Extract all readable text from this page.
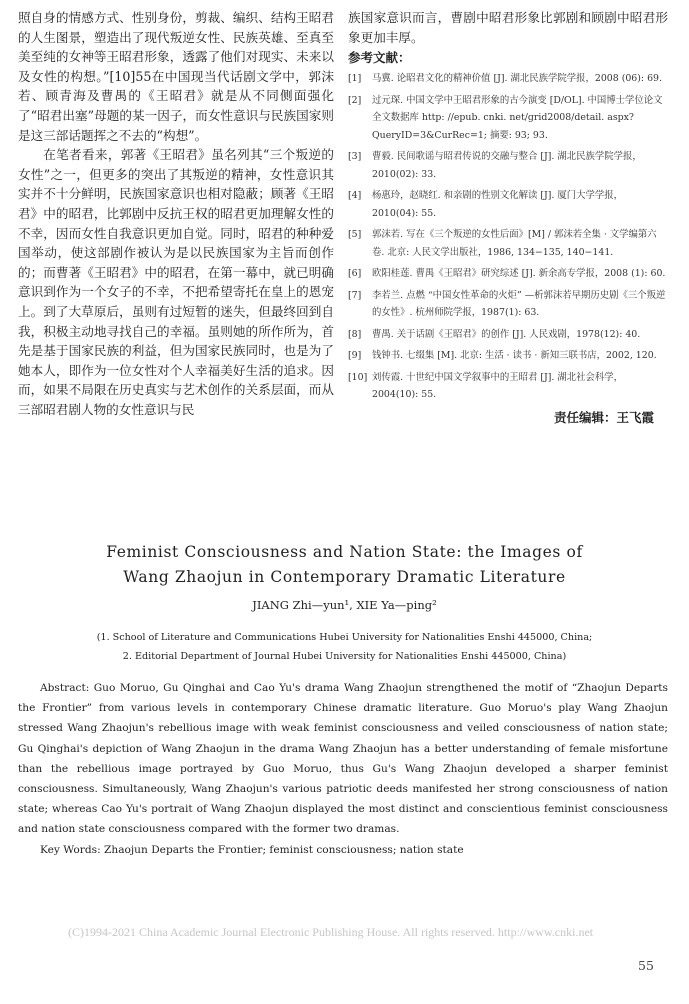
照自身的情感方式、性别身份，剪裁、编织、结构王昭君的人生图景，塑造出了现代叛逆女性、民族英雄、至真至美至纯的女神等王昭君形象，透露了他们对现实、未来以及女性的构想。”[10]55在中国现当代话剧文学中，郭沫若、顾青海及曹禺的《王昭君》就是从不同侧面强化了“昭君出塞”母题的某一因子，而女性意识与民族国家则是这三部话题挥之不去的“构想”。

在笔者看来，郭著《王昭君》虽名列其“三个叛逆的女性”之一，但更多的突出了其叛逆的精神，女性意识其实并不十分鲜明，民族国家意识也相对隐蔽；顾著《王昭君》中的昭君，比郭剧中反抗王权的昭君更加理解女性的不幸，因而女性自我意识更加自觉。同时，昭君的种种爱国举动，使这部剧作被认为是以民族国家为主旨而创作的；而曹著《王昭君》中的昭君，在第一幕中，就已明确意识到作为一个女子的不幸，不把希望寄托在皇上的恩宠上。到了大草原后，虽则有过短暂的迷失，但最终回到自我，积极主动地寻找自己的幸福。虽则她的所作所为，首先是基于国家民族的利益，但为国家民族同时，也是为了她本人，即作为一位女性对个人幸福美好生活的追求。因而，如果不局限在历史真实与艺术创作的关系层面，而从三部昭君剧人物的女性意识与民

族国家意识而言，曹剧中昭君形象比郭剧和顾剧中昭君形象更加丰厚。

参考文献：
[1]	马冀. 论昭君文化的精神价值 [J]. 湖北民族学院学报，2008 (06): 69.
[2]	过元琛. 中国文学中王昭君形象的古今演变 [D/OL]. 中国博士学位论文全文数据库 http: //epub. cnki. net/grid2008/detail. aspx? QueryID=3&CurRec=1; 摘要: 93; 93.
[3]	曹毅. 民间歌谣与昭君传说的交融与整合 [J]. 湖北民族学院学报，2010(02): 33.
[4]	杨惠玲，赵晓红. 和亲剧的性别文化解读 [J]. 厦门大学学报，2010(04): 55.
[5]	郭沫若. 写在《三个叛逆的女性后面》[M] / 郭沫若全集 · 文学编第六卷. 北京: 人民文学出版社，1986, 134−135, 140−141.
[6]	欧阳桂莲. 曹禺《王昭君》研究综述 [J]. 新余高专学报，2008 (1): 60.
[7]	李若兰. 点燃 “中国女性革命的火炬” —析郭沫若早期历史剧《三个叛逆的女性》. 杭州师院学报，1987(1): 63.
[8]	曹禺. 关于话剧《王昭君》的创作 [J]. 人民戏剧，1978(12): 40.
[9]	钱钟书. 七缀集 [M]. 北京: 生活 · 读书 · 新知三联书店，2002, 120.
[10] 刘传霞. 十世纪中国文学叙事中的王昭君 [J]. 湖北社会科学，2004(10): 55.
责任编辑：王飞霞
Feminist Consciousness and Nation State: the Images of
Wang Zhaojun in Contemporary Dramatic Literature
JIANG Zhi—yun¹, XIE Ya—ping²
(1. School of Literature and Communications Hubei University for Nationalities Enshi 445000, China;
2. Editorial Department of Journal Hubei University for Nationalities Enshi 445000, China)

Abstract: Guo Moruo, Gu Qinghai and Cao Yu's drama Wang Zhaojun strengthened the motif of “Zhaojun Departs the Frontier” from various levels in contemporary Chinese dramatic literature. Guo Moruo's play Wang Zhaojun stressed Wang Zhaojun's rebellious image with weak feminist consciousness and veiled consciousness of nation state; Gu Qinghai's depiction of Wang Zhaojun in the drama Wang Zhaojun has a better understanding of female misfortune than the rebellious image portrayed by Guo Moruo, thus Gu's Wang Zhaojun developed a sharper feminist consciousness. Simultaneously, Wang Zhaojun's various patriotic deeds manifested her strong consciousness of nation state; whereas Cao Yu's portrait of Wang Zhaojun displayed the most distinct and conscientious feminist consciousness and nation state consciousness compared with the former two dramas.

Key Words: Zhaojun Departs the Frontier; feminist consciousness; nation state

(C)1994-2021 China Academic Journal Electronic Publishing House. All rights reserved. http://www.cnki.net
55
